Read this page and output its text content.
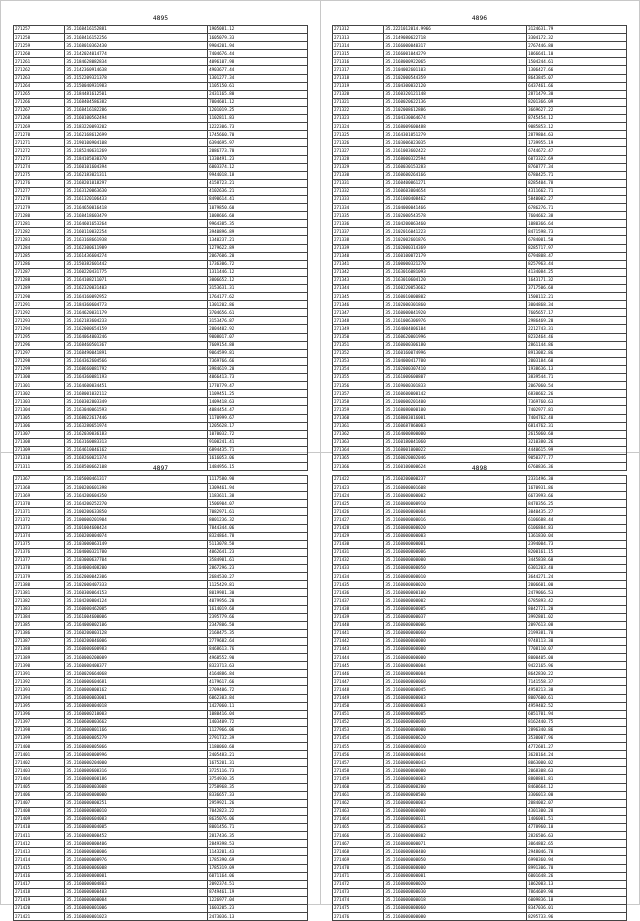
4895
271257	35.2168416152881	1905081.12
271258	35.2168416152256	1605079.33
271259	35.2168010362430	9904201.94
271260	35.2142024014774	7404676.44
271261	35.2184628082834	4096107.98
271262	35.2142360914638	4903677.44
271263	35.2152209321378	1301277.34
271264	35.2150040931983	1105150.61
271265	35.2184481612501	2431165.80
271266	35.2168404586382	7004601.12
271267	35.2168416182286	1201019.25
271268	35.2160100562494	1102811.83
271269	35.2183220093202	1222306.73
271270	35.2162168612699	1745660.70
271271	35.2190100904108	6394695.97
271272	35.2185240631269	2086773.70
271273	35.2184105030370	1330491.23
271274	35.2160101604394	6003374.12
271275	35.2162183021311	9944018.18
271276	35.2168201018297	4158723.21
271277	35.2163120063630	4102636.21
271278	35.2161320106433	8490614.41
271279	35.2164650016418	1079850.60
271280	35.2168418603479	1008666.60
271281	35.2164601653264	9964385.35
271282	35.2160110032254	3940896.89
271283	35.2163168661938	1340237.21
271284	35.2162300611989	1279622.89
271285	35.2161436604274	2067606.20
271286	35.2150382601442	1736306.72
271287	35.2160220431775	1311446.12
271288	35.2164108211071	3006652.12
271289	35.2162320031403	3153631.31
271290	35.2164160092952	1764177.62
271291	35.2184360604773	1301202.86
271292	35.2164620031179	3704656.61
271293	35.2162183604233	3153476.87
271294	35.2162000654159	2004402.92
271295	35.2164064003246	9008017.07
271296	35.2168460501367	7609154.88
271297	35.2168490041891	9064599.81
271298	35.2164362604566	7369766.66
271299	35.2168660081792	3984619.20
271300	35.2164360081193	4066413.73
271301	35.2164600034451	1770779.47
271302	35.2168001032112	1109451.25
271303	35.2160302003349	1409418.63
271304	35.2163040061593	4084454.47
271305	35.2168022617446	1170999.67
271306	35.2163280651974	1205628.17
271307	35.2162030036183	1070032.72
271308	35.2163160083313	9100241.41
271309	35.2164610046162	6894435.71
271310	35.2168260021374	1616053.06
271311	35.2168500662108	1484956.15
4896
271312	35.2221012014.9966	3124631.79
271313	35.2149080622718	3304172.32
271314	35.2166000040317	2767446.80
271315	35.2166001044279	1066641.10
271316	35.2168000922065	1504244.61
271317	35.2104002601103	1306427.66
271318	35.2102000544359	8643845.07
271319	35.2104300032120	6437461.66
271320	35.2160320121148	2871479.30
271321	35.2160020622136	8201366.09
271322	35.2102008612886	3669627.22
271323	35.2104330064674	8745454.12
271324	35.2168009600488	9085853.12
271325	35.2164301051279	2879804.63
271326	35.2103006023035	1739955.19
271327	35.2161003602422	6744672.47
271328	35.2168000322594	6073322.69
271329	35.2160030153283	8760777.34
271330	35.2160600264166	6780425.71
271331	35.2160400061271	8285404.78
271332	35.2160603004654	4311662.71
271333	35.2161000408462	5840002.27
271334	35.2104000041466	6786276.71
271335	35.2102000543578	7604662.38
271336	35.2104200063460	1080366.64
271337	35.2102016041223	8471598.73
271338	35.2102002601876	6784001.50
271339	35.2102000314369	8285717.97
271340	35.2160100072179	6794808.47
271341	35.2100000321270	8257963.44
271342	35.2163016081093	4134084.25
271343	35.2163010604120	1643171.32
271344	35.2160220053662	3717506.68
271345	35.2160010000802	1500112.21
271346	35.2102000301860	3004868.34
271347	35.2160000041920	7605657.17
271348	35.2161006306976	2986469.20
271349	35.2164004006104	2212743.31
271350	35.2160620001996	8232464.46
271351	35.2160000306180	2861144.86
271352	35.2160160074996	8913082.86
271353	35.2104000417700	2003184.60
271354	35.2102000307410	1938636.13
271355	35.2161000600807	3839544.71
271356	35.2169000301833	2067060.54
271357	35.2160600000142	6830662.26
271358	35.2100000201400	7369760.63
271359	35.2168080000100	7402977.81
271360	35.2168003016001	7404762.48
271361	35.2160687860003	6814762.31
271362	35.2164000800000	2615060.60
271363	35.2160180041060	3210380.26
271364	35.2168001000022	4440615.99
271365	35.2160020002046	9050377.77
271366	35.2160100000624	6760836.36
4897
271367	35.2105000461317	1117580.98
271368	35.2100200601398	1309461.94
271369	35.2164200604350	1183611.38
271370	35.2164200252270	1506904.07
271371	35.2100200633850	7082971.61
271372	35.2100000201904	8001236.32
271373	35.2101004600424	7844344.06
271374	35.2160200004074	8324864.78
271375	35.2103000063149	5113078.58
271376	35.2104000321700	4062641.23
271377	35.2103000637704	3584901.61
271378	35.2104000408200	2867296.23
271379	35.2162000042306	2684530.27
271380	35.2102000407333	1125429.81
271381	35.2160300064153	8019981.30
271382	35.2104200004124	4079956.20
271383	35.2160000462005	1614019.68
271384	35.2161004600006	2395779.66
271385	35.2164000002106	2347806.50
271386	35.2160200003128	2168475.35
271387	35.2160200046006	2779682.64
271388	35.2160000600983	8468613.76
271389	35.2160000200009	4968552.90
271390	35.2160000400377	8323713.63
271391	35.2160020664068	4164886.84
271392	35.2160000604681	4179617.66
271393	35.2160000000162	2709406.72
271394	35.2160000003001	6062303.84
271395	35.2160000004018	1427060.11
271396	35.2160000210003	1080416.04
271397	35.2160600003662	1403409.72
271398	35.2160000001166	1127966.06
271399	35.2160000005279	2791732.39
271400	35.2160000005066	1180060.60
271401	35.2160000000996	2405483.21
271402	35.2160000204000	1675201.31
271403	35.2160000600316	3725116.73
271404	35.2160000000186	3754930.35
271405	35.2160000003008	2758968.35
271406	35.2160000000000	8336657.33
271407	35.2160000000251	2959921.26
271408	35.2160000000010	7042823.22
271409	35.2160000604003	8635076.06
271410	35.2160000004005	8001456.71
271411	35.2160000000452	2817436.35
271412	35.2160000000406	2849398.53
271413	35.2160000000006	1143201.43
271414	35.2160000000976	1785390.69
271415	35.2160000006008	1785319.09
271416	35.2160000000001	6071164.06
271417	35.2160000004803	2092374.51
271418	35.2160000000403	8749461.19
271419	35.2160000000004	1226977.04
271420	35.2160000001006	1603205.23
271421	35.2160000001023	2473036.13
4898
271422	35.2160200000237	2331496.30
271423	35.2160000001608	1670931.86
271424	35.2160000000002	6673993.66
271425	35.2160000000910	8470356.25
271426	35.2160000000004	3040435.27
271427	35.2160000000016	6106688.44
271428	35.2160000000020	6106884.83
271429	35.2160000000003	1361830.04
271430	35.2160000000001	2394004.73
271431	35.2160000000006	8200161.15
271432	35.2160000000000	3445838.60
271433	35.2160000000050	6301203.40
271434	35.2160000000010	3644271.24
271435	35.2160000000020	2006601.00
271436	35.2160000000100	2479066.53
271437	35.2160000000002	6785893.42
271438	35.2160000000005	8042721.20
271439	35.2160000000037	3992801.02
271440	35.2160000000006	2097613.08
271441	35.2160000000060	2199381.78
271442	35.2160000000000	9748113.30
271443	35.2160000000000	7708110.07
271444	35.2160000000000	8000405.00
271445	35.2160000000004	9422165.96
271446	35.2160000000004	8642830.22
271447	35.2160000000060	7141558.37
271448	35.2160000000045	4958213.30
271449	35.2160000000003	8007600.61
271450	35.2160000000003	4959402.52
271451	35.2160000000005	6051701.94
271452	35.2160000000040	8162440.75
271453	35.2160000000000	2896340.86
271454	35.2160000000620	3530007.96
271455	35.2160000000010	4772601.27
271456	35.2160000000044	3620164.24
271457	35.2160000000043	8063000.02
271458	35.2160000000000	2068308.63
271459	35.2160000000003	8808801.81
271460	35.2160000000200	8460664.12
271461	35.2160000000500	3306013.00
271462	35.2160000000003	2084002.07
271463	35.2160000000000	4301300.28
271464	35.2160000000031	1406001.51
271465	35.2160000000063	4778960.10
271466	35.2160000000802	2826506.63
271467	35.2160000000071	3064802.65
271468	35.2160000000400	2948046.78
271469	35.2160000000050	6990360.94
271470	35.2160000000000	8991306.70
271471	35.2160000000001	6001648.26
271472	35.2160000000020	1062003.13
271473	35.2160000000030	7864609.90
271474	35.2160000000018	6009836.10
271475	35.2160000000060	8347036.01
271476	35.2160000000000	8295733.96
